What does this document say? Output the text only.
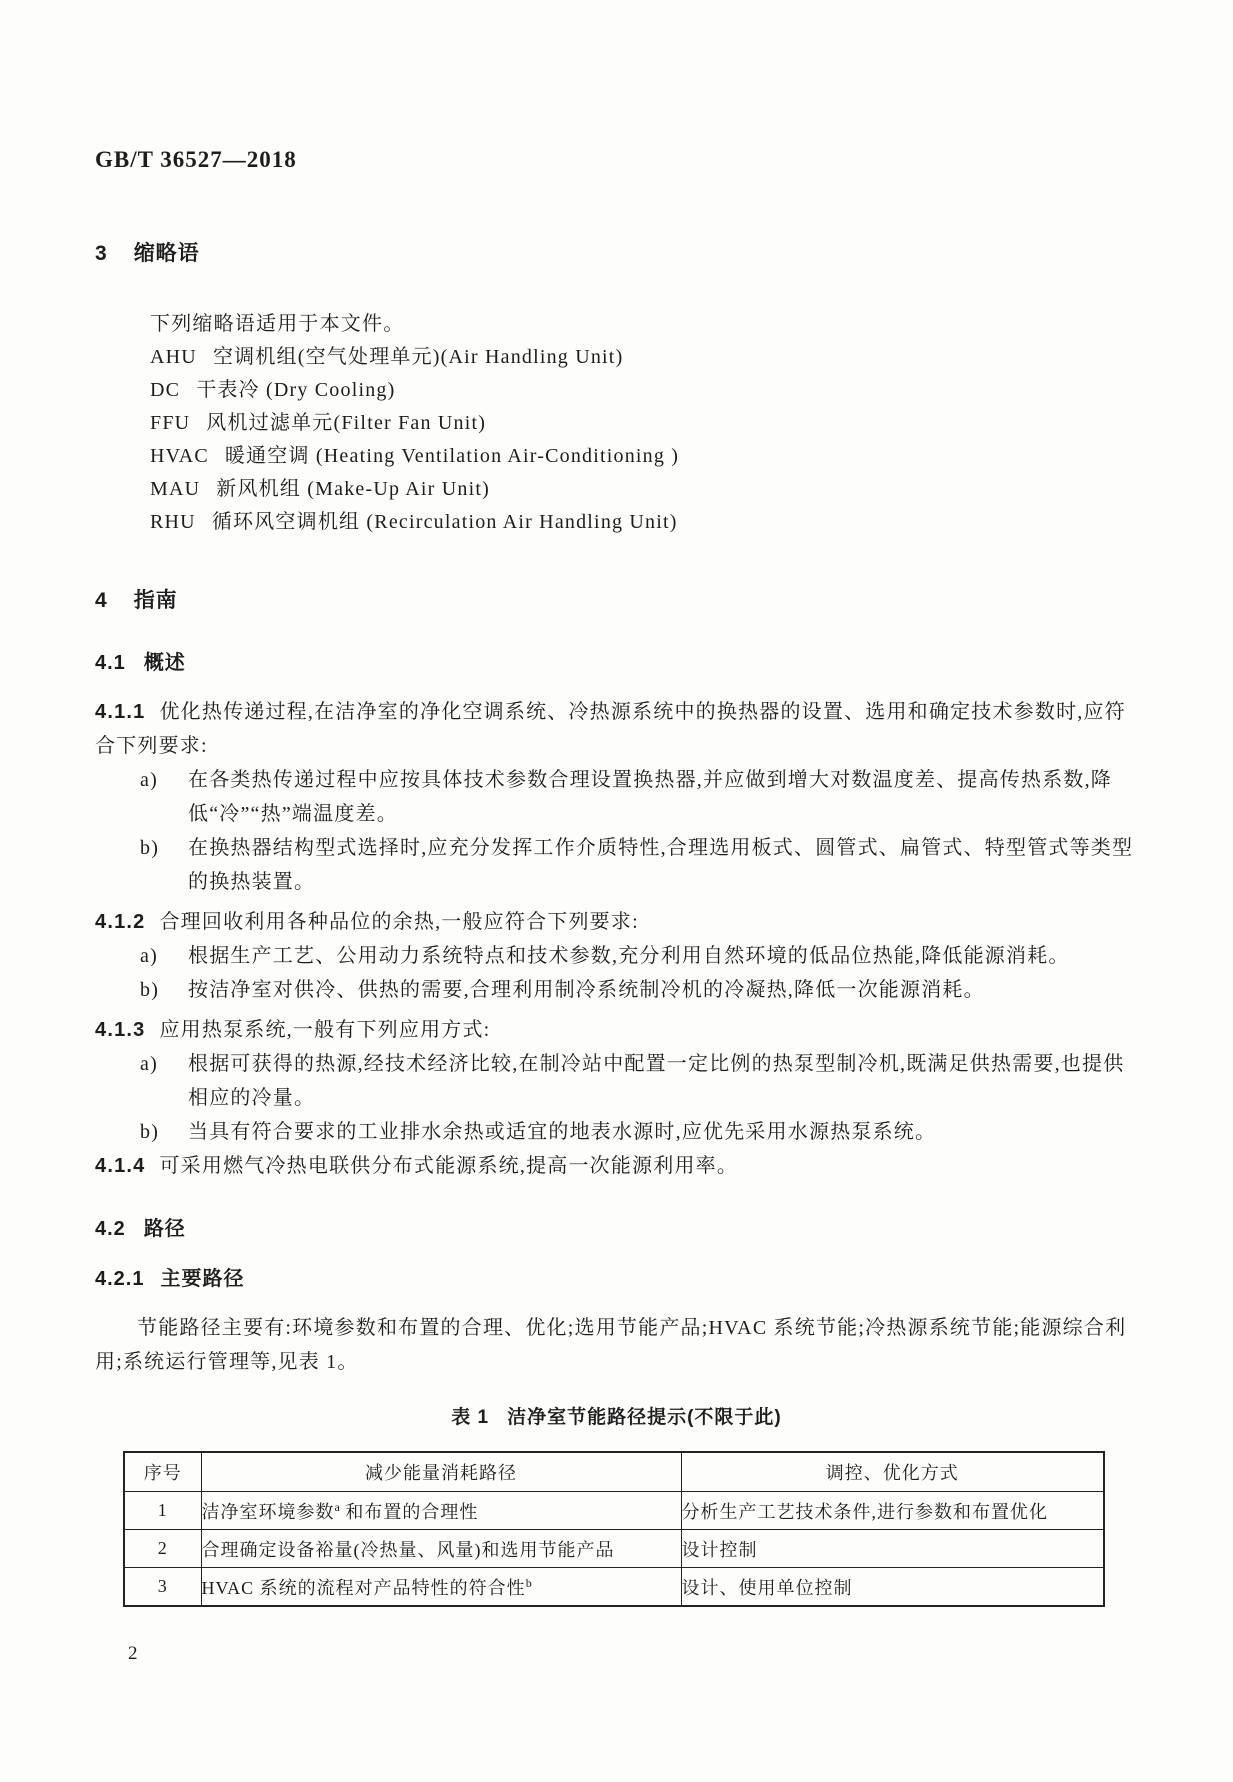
GB/T 36527—2018
3 缩略语

下列缩略语适用于本文件。

AHU 空调机组(空气处理单元)(Air Handling Unit)
DC 干表冷 (Dry Cooling)
FFU 风机过滤单元(Filter Fan Unit)
HVAC 暖通空调 (Heating Ventilation Air-Conditioning )
MAU 新风机组 (Make-Up Air Unit)
RHU 循环风空调机组 (Recirculation Air Handling Unit)
4 指南
4.1 概述

4.1.1 优化热传递过程,在洁净室的净化空调系统、冷热源系统中的换热器的设置、选用和确定技术参数时,应符合下列要求:

a)	在各类热传递过程中应按具体技术参数合理设置换热器,并应做到增大对数温度差、提高传热系数,降低“冷”“热”端温度差。
b)	在换热器结构型式选择时,应充分发挥工作介质特性,合理选用板式、圆管式、扁管式、特型管式等类型的换热装置。

4.1.2 合理回收利用各种品位的余热,一般应符合下列要求:

a)	根据生产工艺、公用动力系统特点和技术参数,充分利用自然环境的低品位热能,降低能源消耗。
b)	按洁净室对供冷、供热的需要,合理利用制冷系统制冷机的冷凝热,降低一次能源消耗。

4.1.3 应用热泵系统,一般有下列应用方式:

a)	根据可获得的热源,经技术经济比较,在制冷站中配置一定比例的热泵型制冷机,既满足供热需要,也提供相应的冷量。
b)	当具有符合要求的工业排水余热或适宜的地表水源时,应优先采用水源热泵系统。

4.1.4 可采用燃气冷热电联供分布式能源系统,提高一次能源利用率。

4.2 路径
4.2.1 主要路径

节能路径主要有:环境参数和布置的合理、优化;选用节能产品;HVAC 系统节能;冷热源系统节能;能源综合利用;系统运行管理等,见表 1。

表 1 洁净室节能路径提示(不限于此)
序号	减少能量消耗路径	调控、优化方式
1	洁净室环境参数$^a$ 和布置的合理性	分析生产工艺技术条件,进行参数和布置优化
2	合理确定设备裕量(冷热量、风量)和选用节能产品	设计控制
3	HVAC 系统的流程对产品特性的符合性$^b$	设计、使用单位控制
2
